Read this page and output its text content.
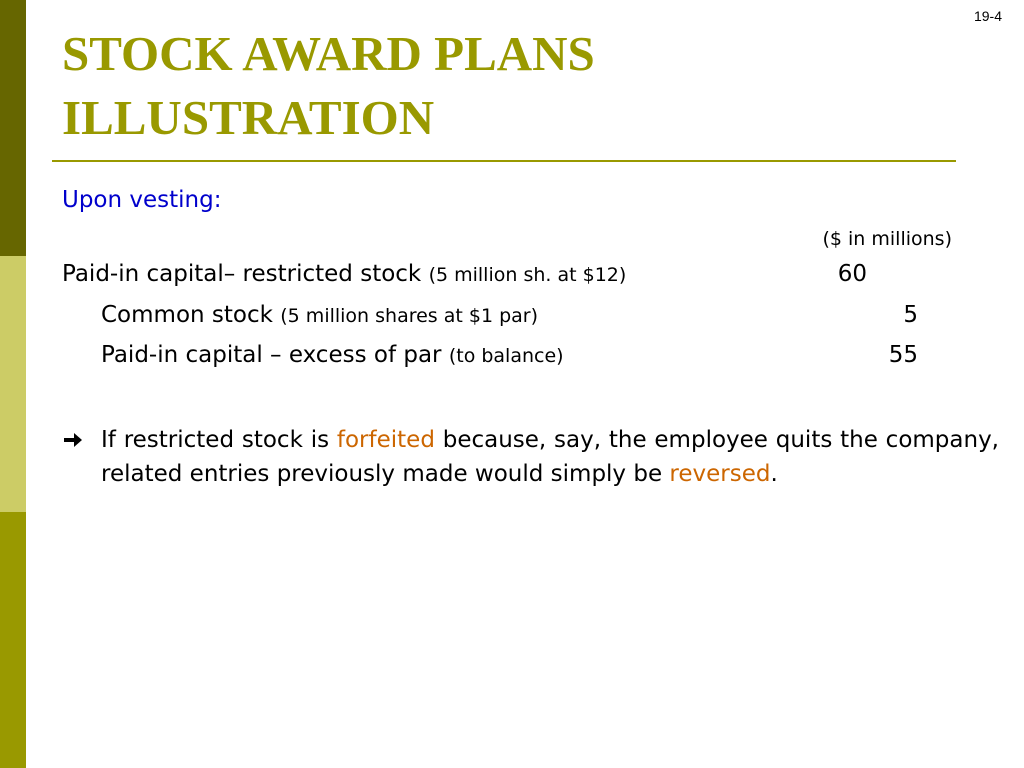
19-4
STOCK AWARD PLANS
ILLUSTRATION
Upon vesting:
($ in millions)
Paid-in capital– restricted stock (5 million sh. at $12)	60
Common stock (5 million shares at $1 par)	5
Paid-in capital – excess of par (to balance)	55
If restricted stock is forfeited because, say, the employee quits the company, related entries previously made would simply be reversed.
